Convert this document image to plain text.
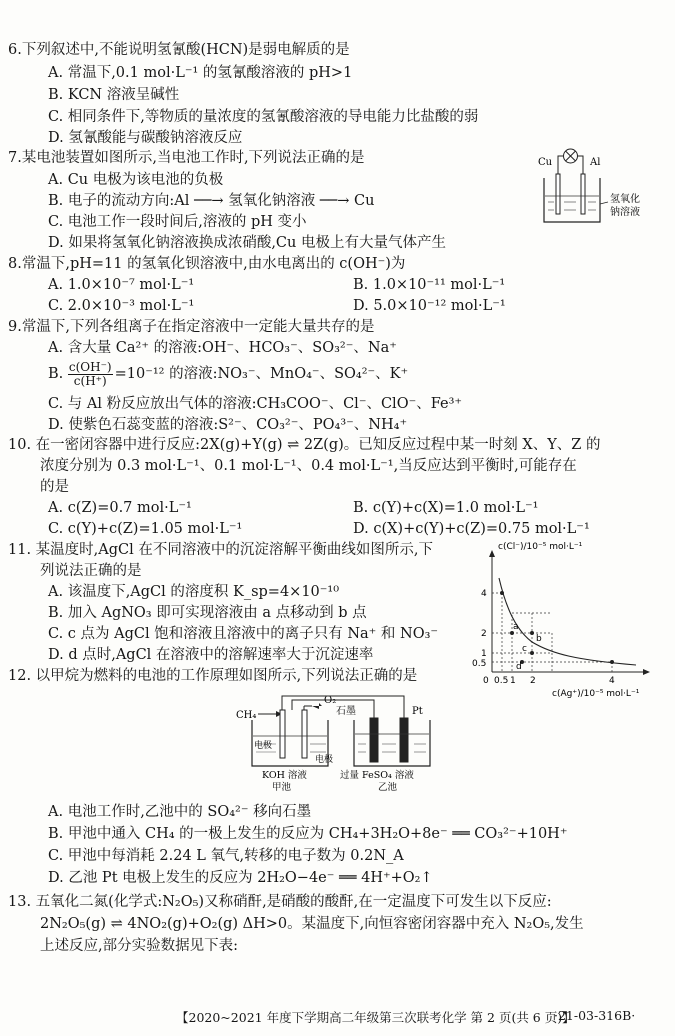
6.下列叙述中,不能说明氢氰酸(HCN)是弱电解质的是
A. 常温下,0.1 mol·L⁻¹ 的氢氰酸溶液的 pH>1
B. KCN 溶液呈碱性
C. 相同条件下,等物质的量浓度的氢氰酸溶液的导电能力比盐酸的弱
D. 氢氰酸能与碳酸钠溶液反应
7.某电池装置如图所示,当电池工作时,下列说法正确的是
A. Cu 电极为该电池的负极
B. 电子的流动方向:Al ──→ 氢氧化钠溶液 ──→ Cu
C. 电池工作一段时间后,溶液的 pH 变小
D. 如果将氢氧化钠溶液换成浓硝酸,Cu 电极上有大量气体产生
Cu	Al
氢氧化
钠溶液
8.常温下,pH=11 的氢氧化钡溶液中,由水电离出的 c(OH⁻)为
A. 1.0×10⁻⁷ mol·L⁻¹	B. 1.0×10⁻¹¹ mol·L⁻¹
C. 2.0×10⁻³ mol·L⁻¹	D. 5.0×10⁻¹² mol·L⁻¹
9.常温下,下列各组离子在指定溶液中一定能大量共存的是
A. 含大量 Ca²⁺ 的溶液:OH⁻、HCO₃⁻、SO₃²⁻、Na⁺
B. $\frac{c(OH^-)}{c(H^+)} =10^{-12}$ 的溶液:NO₃⁻、MnO₄⁻、SO₄²⁻、K⁺
C. 与 Al 粉反应放出气体的溶液:CH₃COO⁻、Cl⁻、ClO⁻、Fe³⁺
D. 使紫色石蕊变蓝的溶液:S²⁻、CO₃²⁻、PO₄³⁻、NH₄⁺
10. 在一密闭容器中进行反应:2X(g)+Y(g) ⇌ 2Z(g)。已知反应过程中某一时刻 X、Y、Z 的
浓度分别为 0.3 mol·L⁻¹、0.1 mol·L⁻¹、0.4 mol·L⁻¹,当反应达到平衡时,可能存在
的是
A. c(Z)=0.7 mol·L⁻¹	B. c(Y)+c(X)=1.0 mol·L⁻¹
C. c(Y)+c(Z)=1.05 mol·L⁻¹	D. c(X)+c(Y)+c(Z)=0.75 mol·L⁻¹
11. 某温度时,AgCl 在不同溶液中的沉淀溶解平衡曲线如图所示,下
列说法正确的是
A. 该温度下,AgCl 的溶度积 K_sp=4×10⁻¹⁰
B. 加入 AgNO₃ 即可实现溶液由 a 点移动到 b 点
C. c 点为 AgCl 饱和溶液且溶液中的离子只有 Na⁺ 和 NO₃⁻
D. d 点时,AgCl 在溶液中的溶解速率大于沉淀速率
c(Cl⁻)/10⁻⁵ mol·L⁻¹
a
b
c
d
4
2
1
0.5
0 0.5 1 2	4
c(Ag⁺)/10⁻⁵ mol·L⁻¹
12. 以甲烷为燃料的电池的工作原理如图所示,下列说法正确的是
CH₄
O₂
电极
电极
石墨	Pt
KOH 溶液
甲池
过量 FeSO₄ 溶液
乙池
A. 电池工作时,乙池中的 SO₄²⁻ 移向石墨
B. 甲池中通入 CH₄ 的一极上发生的反应为 CH₄+3H₂O+8e⁻ ══ CO₃²⁻+10H⁺
C. 甲池中每消耗 2.24 L 氧气,转移的电子数为 0.2N_A
D. 乙池 Pt 电极上发生的反应为 2H₂O−4e⁻ ══ 4H⁺+O₂↑
13. 五氧化二氮(化学式:N₂O₅)又称硝酐,是硝酸的酸酐,在一定温度下可发生以下反应:
2N₂O₅(g) ⇌ 4NO₂(g)+O₂(g) ΔH>0。某温度下,向恒容密闭容器中充入 N₂O₅,发生
上述反应,部分实验数据见下表:
【2020~2021 年度下学期高二年级第三次联考化学 第 2 页(共 6 页)】
·21-03-316B·
